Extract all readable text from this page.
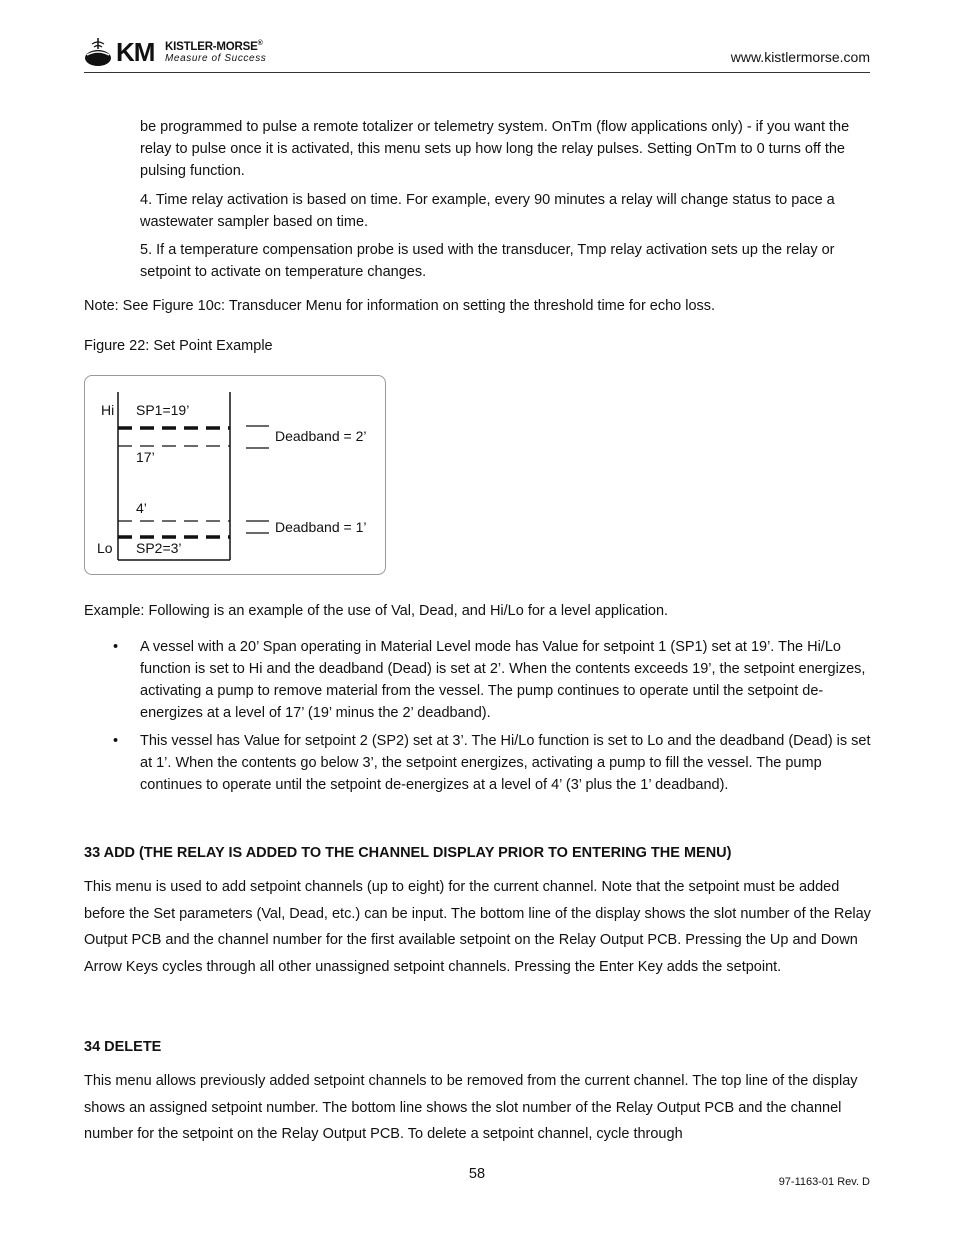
KM KISTLER-MORSE®
Measure of Success	www.kistlermorse.com

be programmed to pulse a remote totalizer or telemetry system. OnTm (flow applications only) - if you want the relay to pulse once it is activated, this menu sets up how long the relay pulses. Setting OnTm to 0 turns off the pulsing function.

4. Time relay activation is based on time. For example, every 90 minutes a relay will change status to pace a wastewater sampler based on time.

5. If a temperature compensation probe is used with the transducer, Tmp relay activation sets up the relay or setpoint to activate on temperature changes.

Note: See Figure 10c: Transducer Menu for information on setting the threshold time for echo loss.

Figure 22: Set Point Example
Hi SP1=19’
17’
4’
Lo SP2=3’
Deadband = 2’
Deadband = 1’

Example: Following is an example of the use of Val, Dead, and Hi/Lo for a level application.

• A vessel with a 20’ Span operating in Material Level mode has Value for setpoint 1 (SP1) set at 19’. The Hi/Lo function is set to Hi and the deadband (Dead) is set at 2’. When the contents exceeds 19’, the setpoint energizes, activating a pump to remove material from the vessel. The pump continues to operate until the setpoint de-energizes at a level of 17’ (19’ minus the 2’ deadband).
• This vessel has Value for setpoint 2 (SP2) set at 3’. The Hi/Lo function is set to Lo and the deadband (Dead) is set at 1’. When the contents go below 3’, the setpoint energizes, activating a pump to fill the vessel. The pump continues to operate until the setpoint de-energizes at a level of 4’ (3’ plus the 1’ deadband).
33 ADD (THE RELAY IS ADDED TO THE CHANNEL DISPLAY PRIOR TO ENTERING THE MENU)

This menu is used to add setpoint channels (up to eight) for the current channel. Note that the setpoint must be added before the Set parameters (Val, Dead, etc.) can be input. The bottom line of the display shows the slot number of the Relay Output PCB and the channel number for the first available setpoint on the Relay Output PCB. Pressing the Up and Down Arrow Keys cycles through all other unassigned setpoint channels. Pressing the Enter Key adds the setpoint.

34 DELETE

This menu allows previously added setpoint channels to be removed from the current channel. The top line of the display shows an assigned setpoint number. The bottom line shows the slot number of the Relay Output PCB and the channel number for the setpoint on the Relay Output PCB. To delete a setpoint channel, cycle through

58	97-1163-01 Rev. D
